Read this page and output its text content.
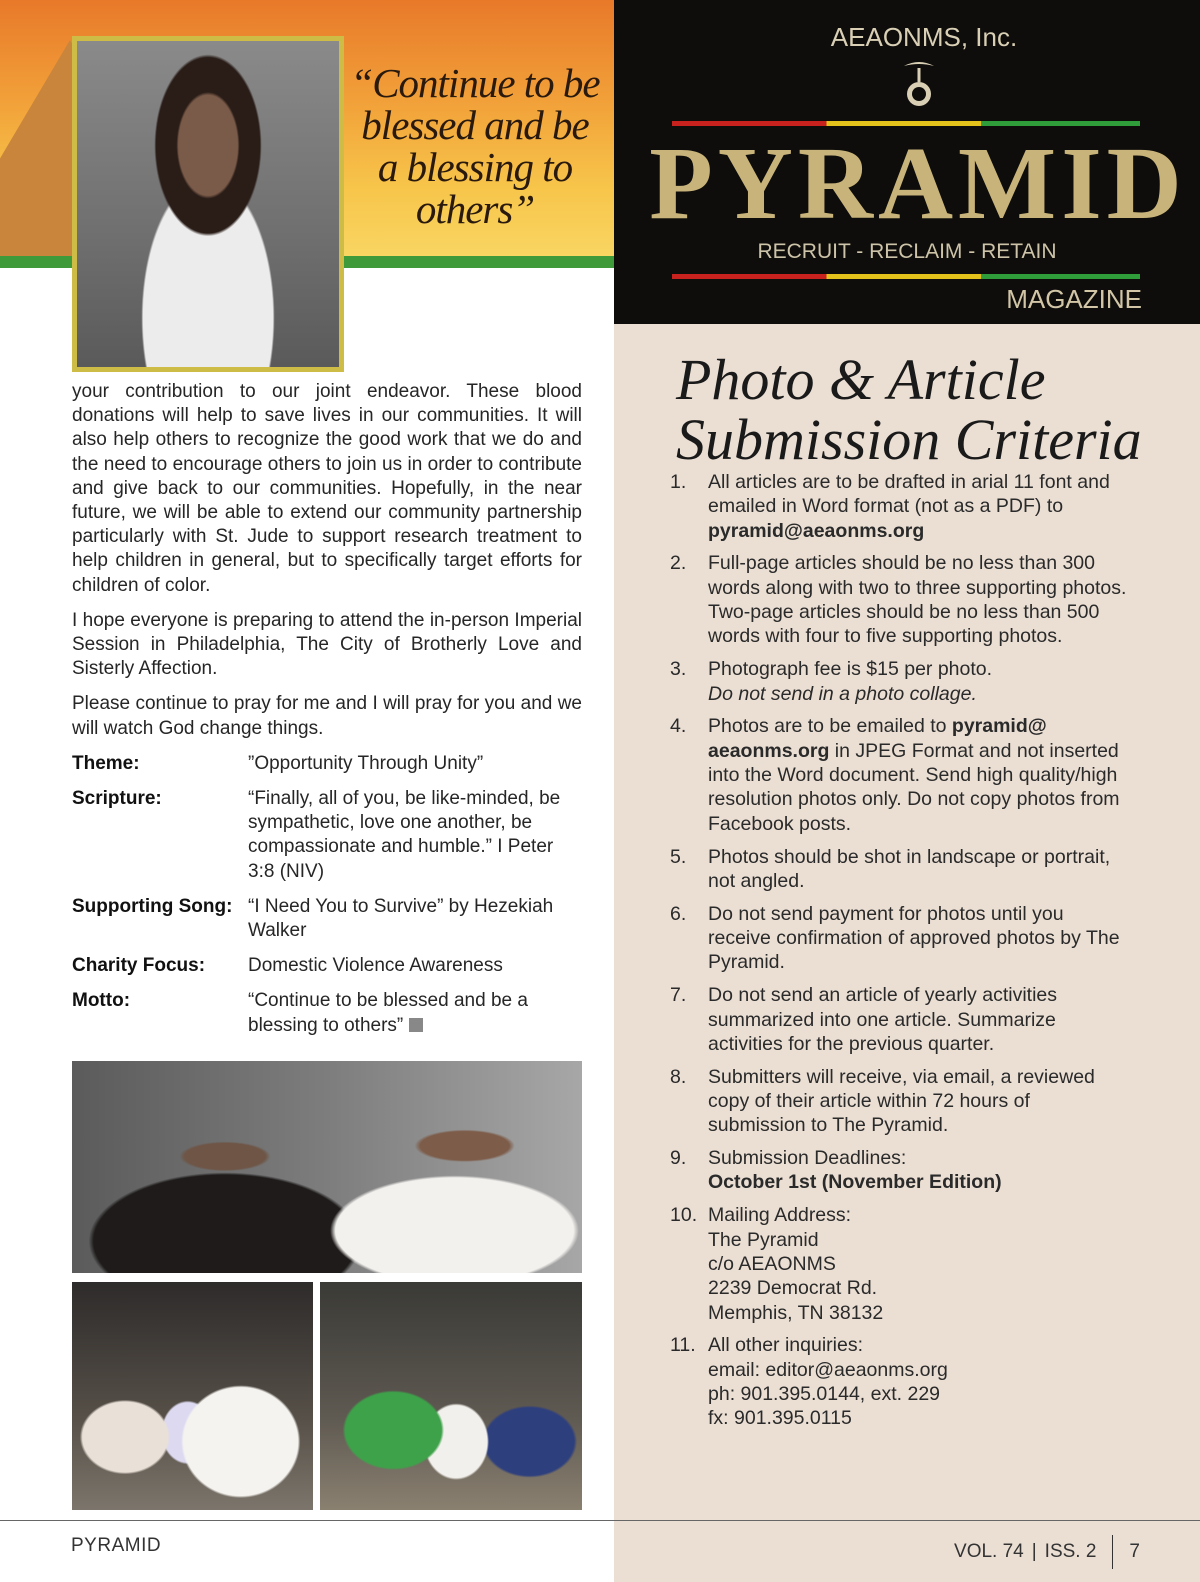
“Continue to be blessed and be a blessing to others”
AEAONMS, Inc.
PYRAMID
RECRUIT - RECLAIM - RETAIN
MAGAZINE
Photo & Article Submission Criteria
1. All articles are to be drafted in arial 11 font and emailed in Word format (not as a PDF) to pyramid@aeaonms.org
2. Full-page articles should be no less than 300 words along with two to three supporting photos. Two-page articles should be no less than 500 words with four to five supporting photos.
3. Photograph fee is $15 per photo.
Do not send in a photo collage.
4. Photos are to be emailed to pyramid@ aeaonms.org in JPEG Format and not inserted into the Word document. Send high quality/high resolution photos only. Do not copy photos from Facebook posts.
5. Photos should be shot in landscape or portrait, not angled.
6. Do not send payment for photos until you receive confirmation of approved photos by The Pyramid.
7. Do not send an article of yearly activities summarized into one article. Summarize activities for the previous quarter.
8. Submitters will receive, via email, a reviewed copy of their article within 72 hours of submission to The Pyramid.
9. Submission Deadlines:
October 1st (November Edition)
10. Mailing Address:
The Pyramid
c/o AEAONMS
2239 Democrat Rd.
Memphis, TN 38132
11. All other inquiries:
email: editor@aeaonms.org
ph: 901.395.0144, ext. 229
fx: 901.395.0115

your contribution to our joint endeavor. These blood donations will help to save lives in our communities. It will also help others to recognize the good work that we do and the need to encourage others to join us in order to contribute and give back to our communities. Hopefully, in the near future, we will be able to extend our community partnership particularly with St. Jude to support research treatment to help children in general, but to specifically target efforts for children of color.

I hope everyone is preparing to attend the in-person Imperial Session in Philadelphia, The City of Brotherly Love and Sisterly Affection.

Please continue to pray for me and I will pray for you and we will watch God change things.

Theme:	”Opportunity Through Unity”
Scripture:	“Finally, all of you, be like-minded, be sympathetic, love one another, be compassionate and humble.” I Peter 3:8 (NIV)
Supporting Song: “I Need You to Survive” by Hezekiah Walker
Charity Focus:	Domestic Violence Awareness
Motto:	“Continue to be blessed and be a blessing to others”
PYRAMID	VOL. 74 | ISS. 2 7
